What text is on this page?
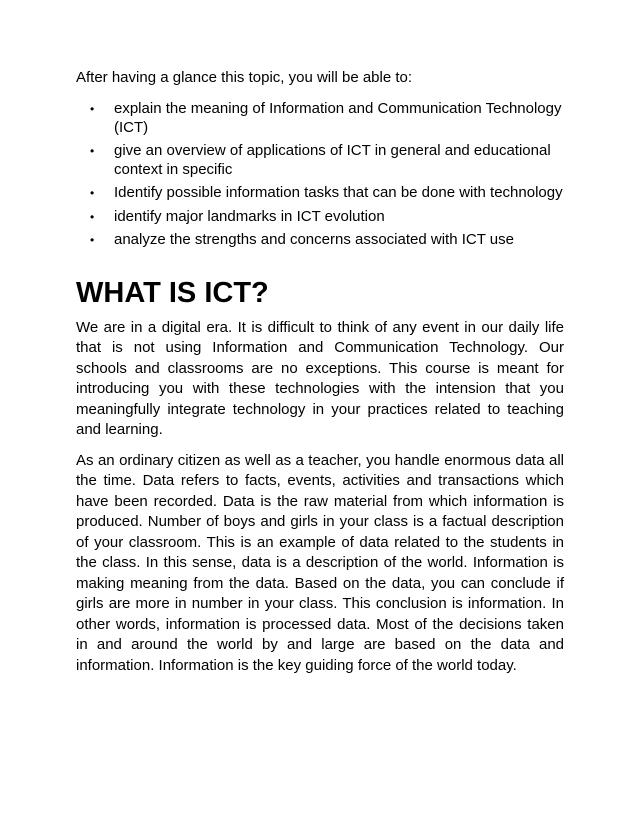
After having a glance this topic, you will be able to:

• explain the meaning of Information and Communication Technology (ICT)
• give an overview of applications of ICT in general and educational context in specific
• Identify possible information tasks that can be done with technology
• identify major landmarks in ICT evolution
• analyze the strengths and concerns associated with ICT use
WHAT IS ICT?

We are in a digital era. It is difficult to think of any event in our daily life that is not using Information and Communication Technology. Our schools and classrooms are no exceptions. This course is meant for introducing you with these technologies with the intension that you meaningfully integrate technology in your practices related to teaching and learning.

As an ordinary citizen as well as a teacher, you handle enormous data all the time. Data refers to facts, events, activities and transactions which have been recorded. Data is the raw material from which information is produced. Number of boys and girls in your class is a factual description of your classroom. This is an example of data related to the students in the class. In this sense, data is a description of the world. Information is making meaning from the data. Based on the data, you can conclude if girls are more in number in your class. This conclusion is information. In other words, information is processed data. Most of the decisions taken in and around the world by and large are based on the data and information. Information is the key guiding force of the world today.
